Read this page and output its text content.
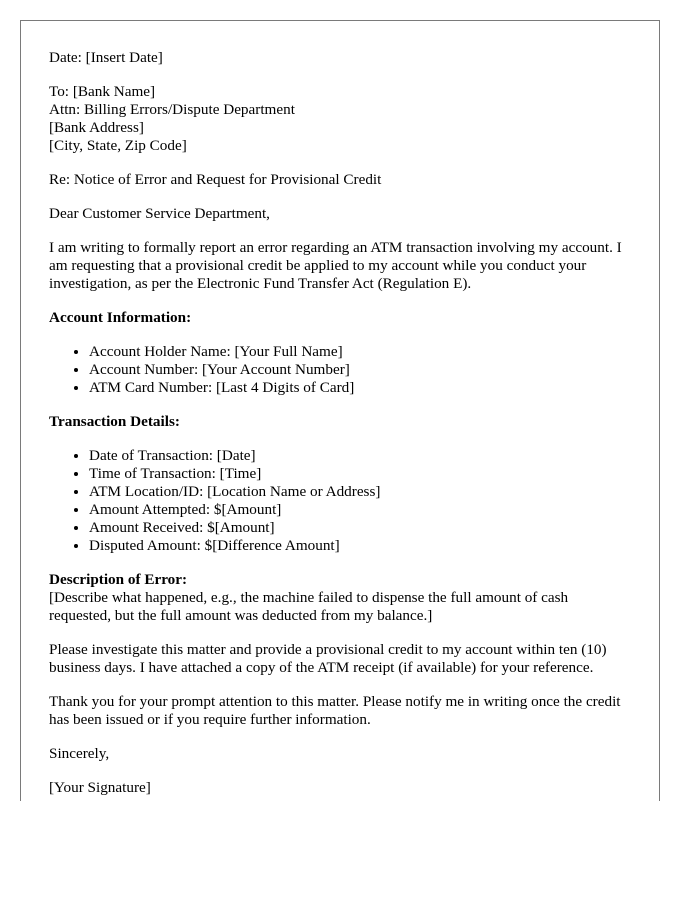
Date: [Insert Date]

To: [Bank Name]
Attn: Billing Errors/Dispute Department
[Bank Address]
[City, State, Zip Code]

Re: Notice of Error and Request for Provisional Credit

Dear Customer Service Department,

I am writing to formally report an error regarding an ATM transaction involving my account. I am requesting that a provisional credit be applied to my account while you conduct your investigation, as per the Electronic Fund Transfer Act (Regulation E).

Account Information:
• Account Holder Name: [Your Full Name]
• Account Number: [Your Account Number]
• ATM Card Number: [Last 4 Digits of Card]
Transaction Details:
• Date of Transaction: [Date]
• Time of Transaction: [Time]
• ATM Location/ID: [Location Name or Address]
• Amount Attempted: $[Amount]
• Amount Received: $[Amount]
• Disputed Amount: $[Difference Amount]
Description of Error:

[Describe what happened, e.g., the machine failed to dispense the full amount of cash requested, but the full amount was deducted from my balance.]

Please investigate this matter and provide a provisional credit to my account within ten (10) business days. I have attached a copy of the ATM receipt (if available) for your reference.

Thank you for your prompt attention to this matter. Please notify me in writing once the credit has been issued or if you require further information.

Sincerely,

[Your Signature]
